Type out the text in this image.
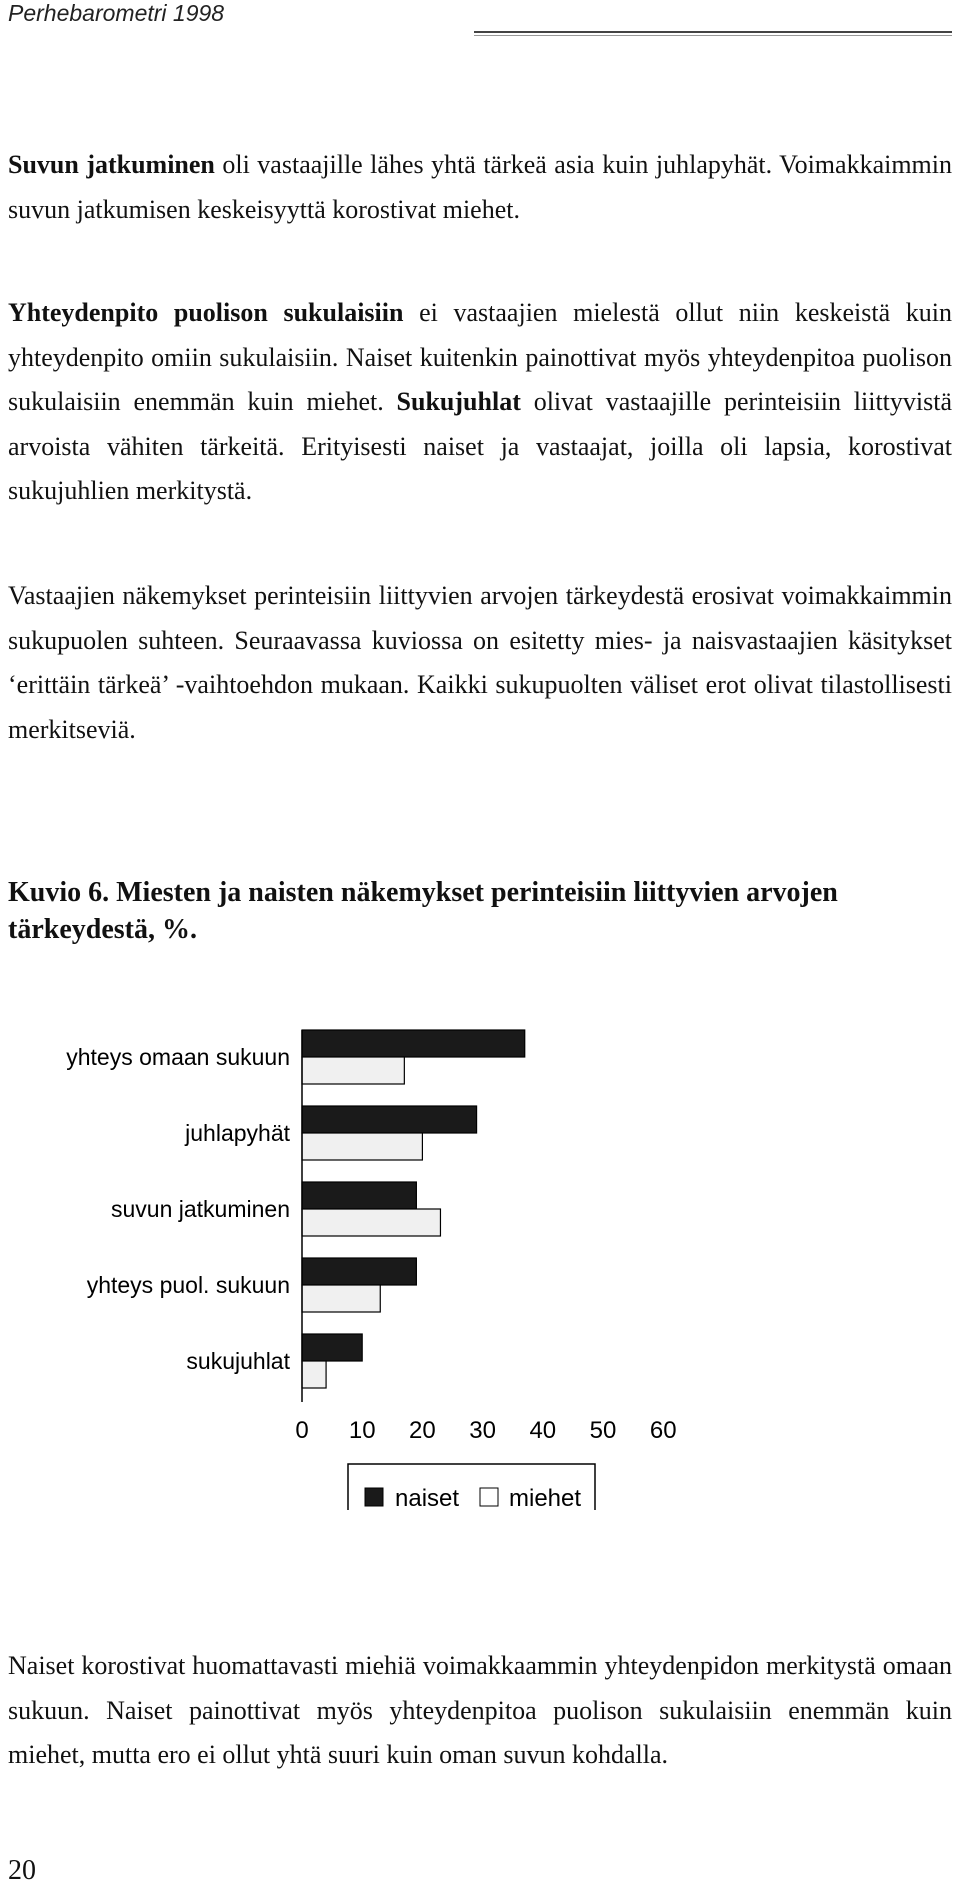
Perhebarometri 1998

Suvun jatkuminen oli vastaajille lähes yhtä tärkeä asia kuin juhlapyhät. Voimakkaimmin suvun jatkumisen keskeisyyttä korostivat miehet.

Yhteydenpito puolison sukulaisiin ei vastaajien mielestä ollut niin keskeistä kuin yhteydenpito omiin sukulaisiin. Naiset kuitenkin painottivat myös yhteydenpitoa puolison sukulaisiin enemmän kuin miehet. Sukujuhlat olivat vastaajille perinteisiin liittyvistä arvoista vähiten tärkeitä. Erityisesti naiset ja vastaajat, joilla oli lapsia, korostivat sukujuhlien merkitystä.

Vastaajien näkemykset perinteisiin liittyvien arvojen tärkeydestä erosivat voimakkaimmin sukupuolen suhteen. Seuraavassa kuviossa on esitetty mies- ja naisvastaajien käsitykset ‘erittäin tärkeä’ -vaihtoehdon mukaan. Kaikki sukupuolten väliset erot olivat tilastollisesti merkitseviä.

Kuvio 6. Miesten ja naisten näkemykset perinteisiin liittyvien arvojen tärkeydestä, %.

yhteys omaan sukuun
juhlapyhät
suvun jatkuminen
yhteys puol. sukuun
sukujuhlat
0 10 20 30 40 50 60
naiset miehet

Naiset korostivat huomattavasti miehiä voimakkaammin yhteydenpidon merkitystä omaan sukuun. Naiset painottivat myös yhteydenpitoa puolison sukulaisiin enemmän kuin miehet, mutta ero ei ollut yhtä suuri kuin oman suvun kohdalla.

20
